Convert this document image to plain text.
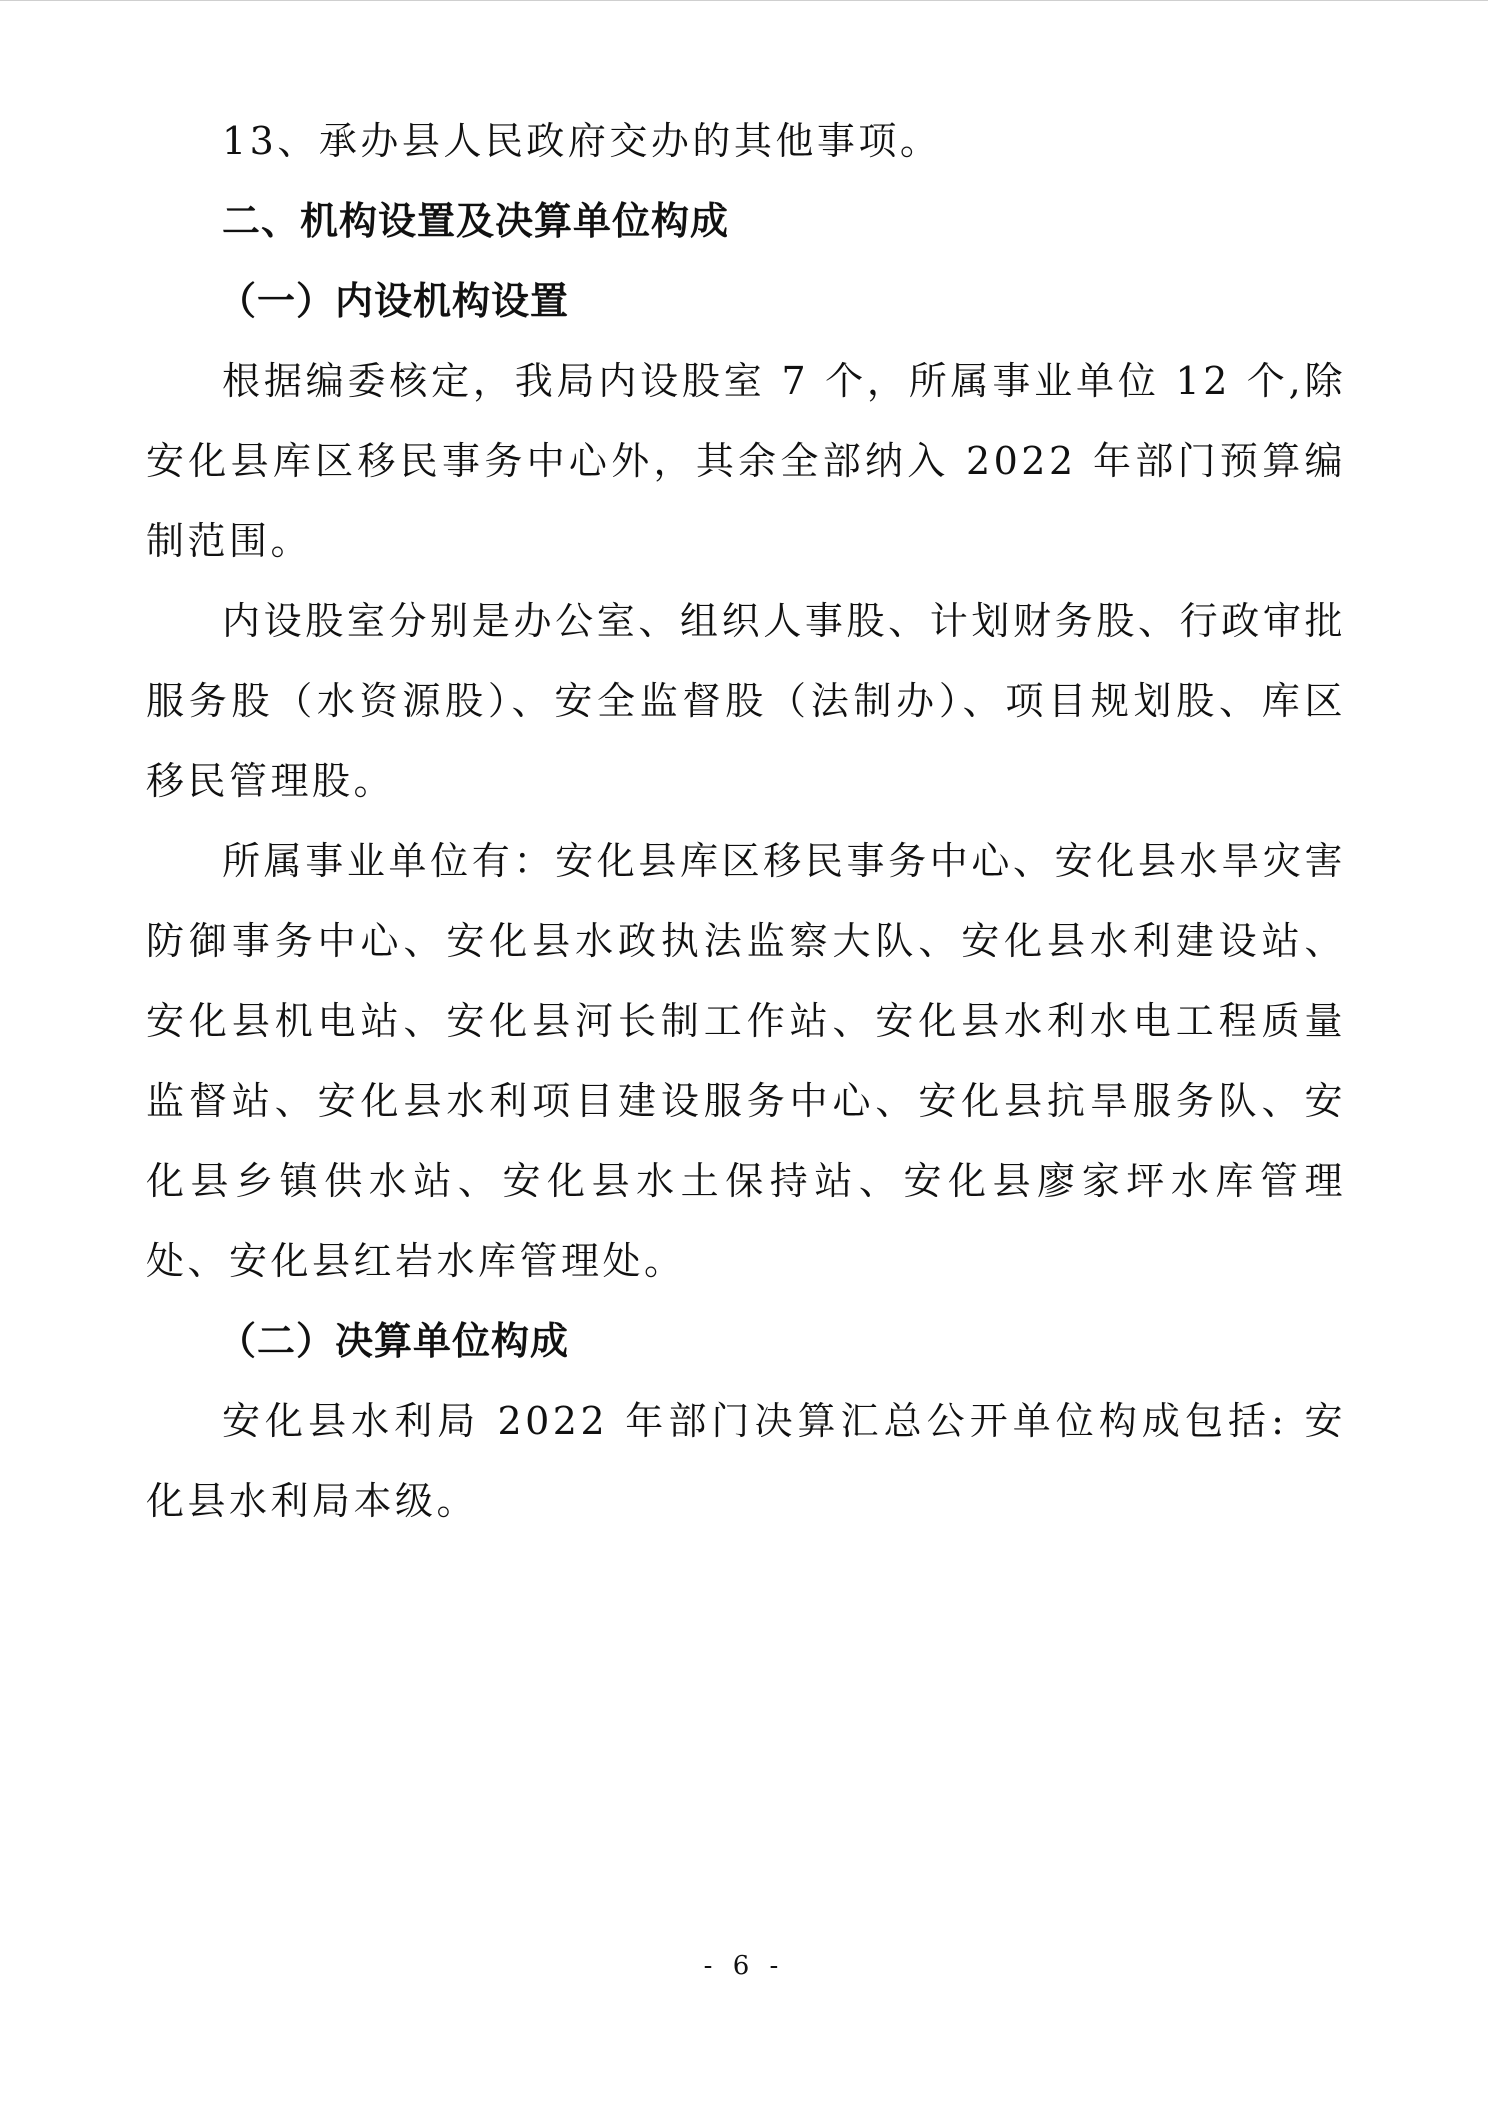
13、承办县人民政府交办的其他事项。

二、机构设置及决算单位构成
（一）内设机构设置

根据编委核定，我局内设股室 7 个，所属事业单位 12 个,除安化县库区移民事务中心外，其余全部纳入 2022 年部门预算编制范围。

内设股室分别是办公室、组织人事股、计划财务股、行政审批服务股（水资源股）、安全监督股（法制办）、项目规划股、库区移民管理股。

所属事业单位有：安化县库区移民事务中心、安化县水旱灾害防御事务中心、安化县水政执法监察大队、安化县水利建设站、安化县机电站、安化县河长制工作站、安化县水利水电工程质量监督站、安化县水利项目建设服务中心、安化县抗旱服务队、安化县乡镇供水站、安化县水土保持站、安化县廖家坪水库管理处、安化县红岩水库管理处。

（二）决算单位构成

安化县水利局 2022 年部门决算汇总公开单位构成包括: 安化县水利局本级。

- 6 -
